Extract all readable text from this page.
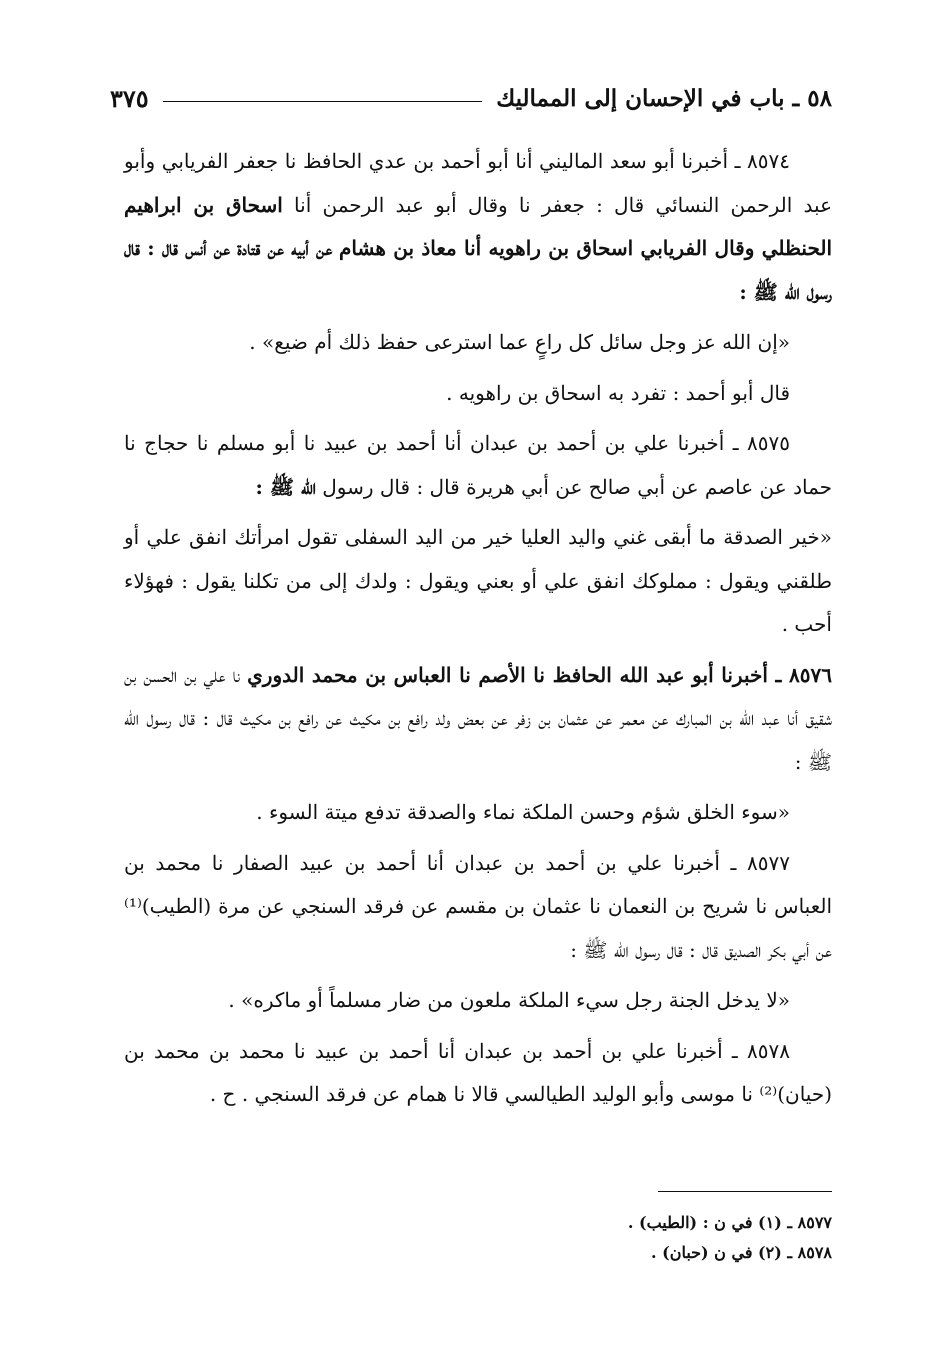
٥٨ ـ باب في الإحسان إلى المماليك
٣٧٥

٨٥٧٤ ـ أخبرنا أبو سعد الماليني أنا أبو أحمد بن عدي الحافظ نا جعفر الفريابي وأبو عبد الرحمن النسائي قال : جعفر نا وقال أبو عبد الرحمن أنا اسحاق بن ابراهيم الحنظلي وقال الفريابي اسحاق بن راهويه أنا معاذ بن هشام عن أبيه عن قتادة عن أنس قال : قال رسول الله ﷺ :

«إن الله عز وجل سائل كل راعٍ عما استرعى حفظ ذلك أم ضيع» .

قال أبو أحمد : تفرد به اسحاق بن راهويه .

٨٥٧٥ ـ أخبرنا علي بن أحمد بن عبدان أنا أحمد بن عبيد نا أبو مسلم نا حجاج نا حماد عن عاصم عن أبي صالح عن أبي هريرة قال : قال رسول الله ﷺ :

«خير الصدقة ما أبقى غني واليد العليا خير من اليد السفلى تقول امرأتك انفق علي أو طلقني ويقول : مملوكك انفق علي أو بعني ويقول : ولدك إلى من تكلنا يقول : فهؤلاء أحب .

٨٥٧٦ ـ أخبرنا أبو عبد الله الحافظ نا الأصم نا العباس بن محمد الدوري نا علي بن الحسن بن شقيق أنا عبد الله بن المبارك عن معمر عن عثمان بن زفر عن بعض ولد رافع بن مكيث عن رافع بن مكيث قال : قال رسول الله ﷺ :

«سوء الخلق شؤم وحسن الملكة نماء والصدقة تدفع ميتة السوء .

٨٥٧٧ ـ أخبرنا علي بن أحمد بن عبدان أنا أحمد بن عبيد الصفار نا محمد بن العباس نا شريح بن النعمان نا عثمان بن مقسم عن فرقد السنجي عن مرة (الطيب)⁽¹⁾ عن أبي بكر الصديق قال : قال رسول الله ﷺ :

«لا يدخل الجنة رجل سيء الملكة ملعون من ضار مسلماً أو ماكره» .

٨٥٧٨ ـ أخبرنا علي بن أحمد بن عبدان أنا أحمد بن عبيد نا محمد بن محمد بن (حيان)⁽²⁾ نا موسى وأبو الوليد الطيالسي قالا نا همام عن فرقد السنجي . ح .

٨٥٧٧ ـ (١) في ن : (الطيب) .
٨٥٧٨ ـ (٢) في ن (حبان) .
